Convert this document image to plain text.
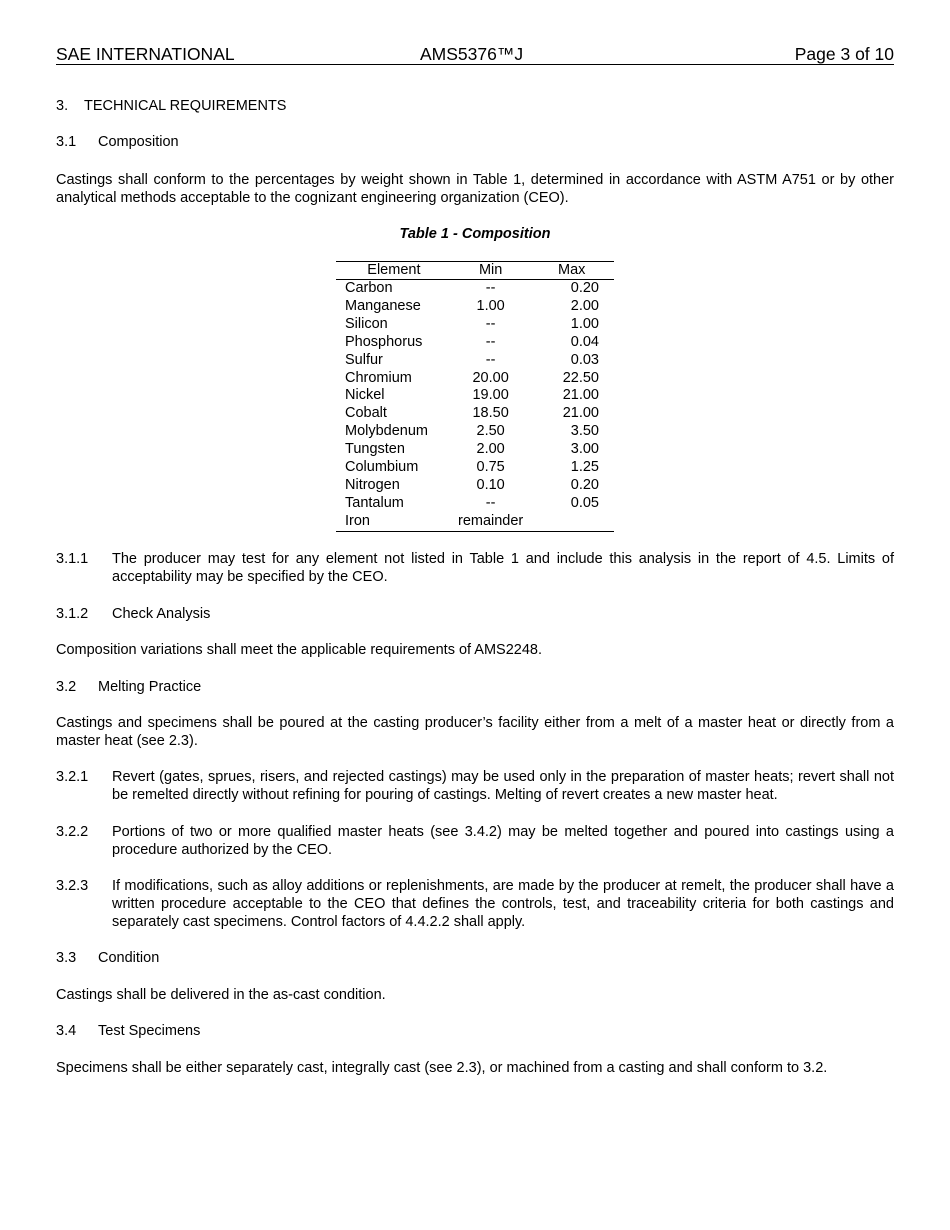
SAE INTERNATIONAL	AMS5376™J	Page 3 of 10
3. TECHNICAL REQUIREMENTS
3.1 Composition
Castings shall conform to the percentages by weight shown in Table 1, determined in accordance with ASTM A751 or by other analytical methods acceptable to the cognizant engineering organization (CEO).
Table 1 - Composition
Element	Min	Max
Carbon	--	0.20
Manganese	1.00	2.00
Silicon	--	1.00
Phosphorus	--	0.04
Sulfur	--	0.03
Chromium	20.00	22.50
Nickel	19.00	21.00
Cobalt	18.50	21.00
Molybdenum	2.50	3.50
Tungsten	2.00	3.00
Columbium	0.75	1.25
Nitrogen	0.10	0.20
Tantalum	--	0.05
Iron	remainder	
3.1.1	The producer may test for any element not listed in Table 1 and include this analysis in the report of 4.5. Limits of acceptability may be specified by the CEO.
3.1.2 Check Analysis
Composition variations shall meet the applicable requirements of AMS2248.
3.2 Melting Practice
Castings and specimens shall be poured at the casting producer’s facility either from a melt of a master heat or directly from a master heat (see 2.3).
3.2.1	Revert (gates, sprues, risers, and rejected castings) may be used only in the preparation of master heats; revert shall not be remelted directly without refining for pouring of castings. Melting of revert creates a new master heat.
3.2.2	Portions of two or more qualified master heats (see 3.4.2) may be melted together and poured into castings using a procedure authorized by the CEO.
3.2.3	If modifications, such as alloy additions or replenishments, are made by the producer at remelt, the producer shall have a written procedure acceptable to the CEO that defines the controls, test, and traceability criteria for both castings and separately cast specimens. Control factors of 4.4.2.2 shall apply.
3.3 Condition
Castings shall be delivered in the as-cast condition.
3.4 Test Specimens
Specimens shall be either separately cast, integrally cast (see 2.3), or machined from a casting and shall conform to 3.2.
